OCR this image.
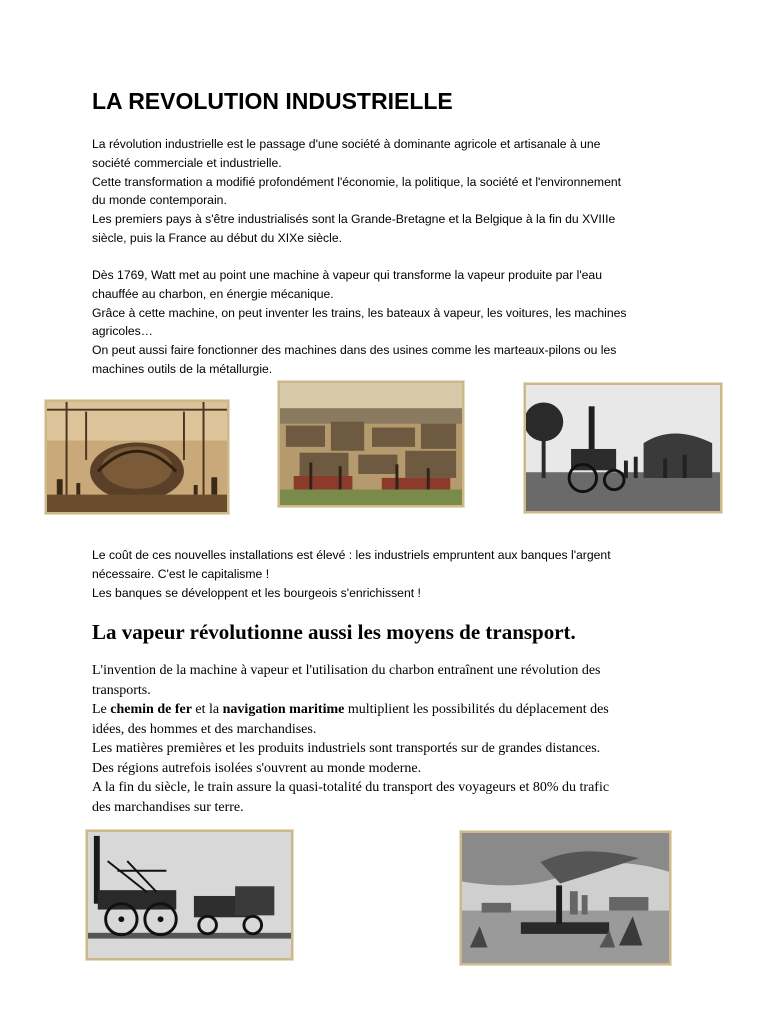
LA REVOLUTION INDUSTRIELLE
La révolution industrielle est le passage d'une société à dominante agricole et artisanale à une
société commerciale et industrielle.
Cette transformation a modifié profondément l'économie, la politique, la société et l'environnement
du monde contemporain.
Les premiers pays à s'être industrialisés sont la Grande-Bretagne et la Belgique à la fin du XVIIIe
siècle, puis la France au début du XIXe siècle.
Dès 1769, Watt met au point une machine à vapeur qui transforme la vapeur produite par l'eau
chauffée au charbon, en énergie mécanique.
Grâce à cette machine, on peut inventer les trains, les bateaux à vapeur, les voitures, les machines
agricoles…
On peut aussi faire fonctionner des machines dans des usines comme les marteaux-pilons ou les
machines outils de la métallurgie.
Le coût de ces nouvelles installations est élevé : les industriels empruntent aux banques l'argent
nécessaire. C'est le capitalisme !
Les banques se développent et les bourgeois s'enrichissent !
La vapeur révolutionne aussi les moyens de transport.
L'invention de la machine à vapeur et l'utilisation du charbon entraînent une révolution des
transports.
Le chemin de fer et la navigation maritime multiplient les possibilités du déplacement des
idées, des hommes et des marchandises.
Les matières premières et les produits industriels sont transportés sur de grandes distances.
Des régions autrefois isolées s'ouvrent au monde moderne.
A la fin du siècle, le train assure la quasi-totalité du transport des voyageurs et 80% du trafic
des marchandises sur terre.
